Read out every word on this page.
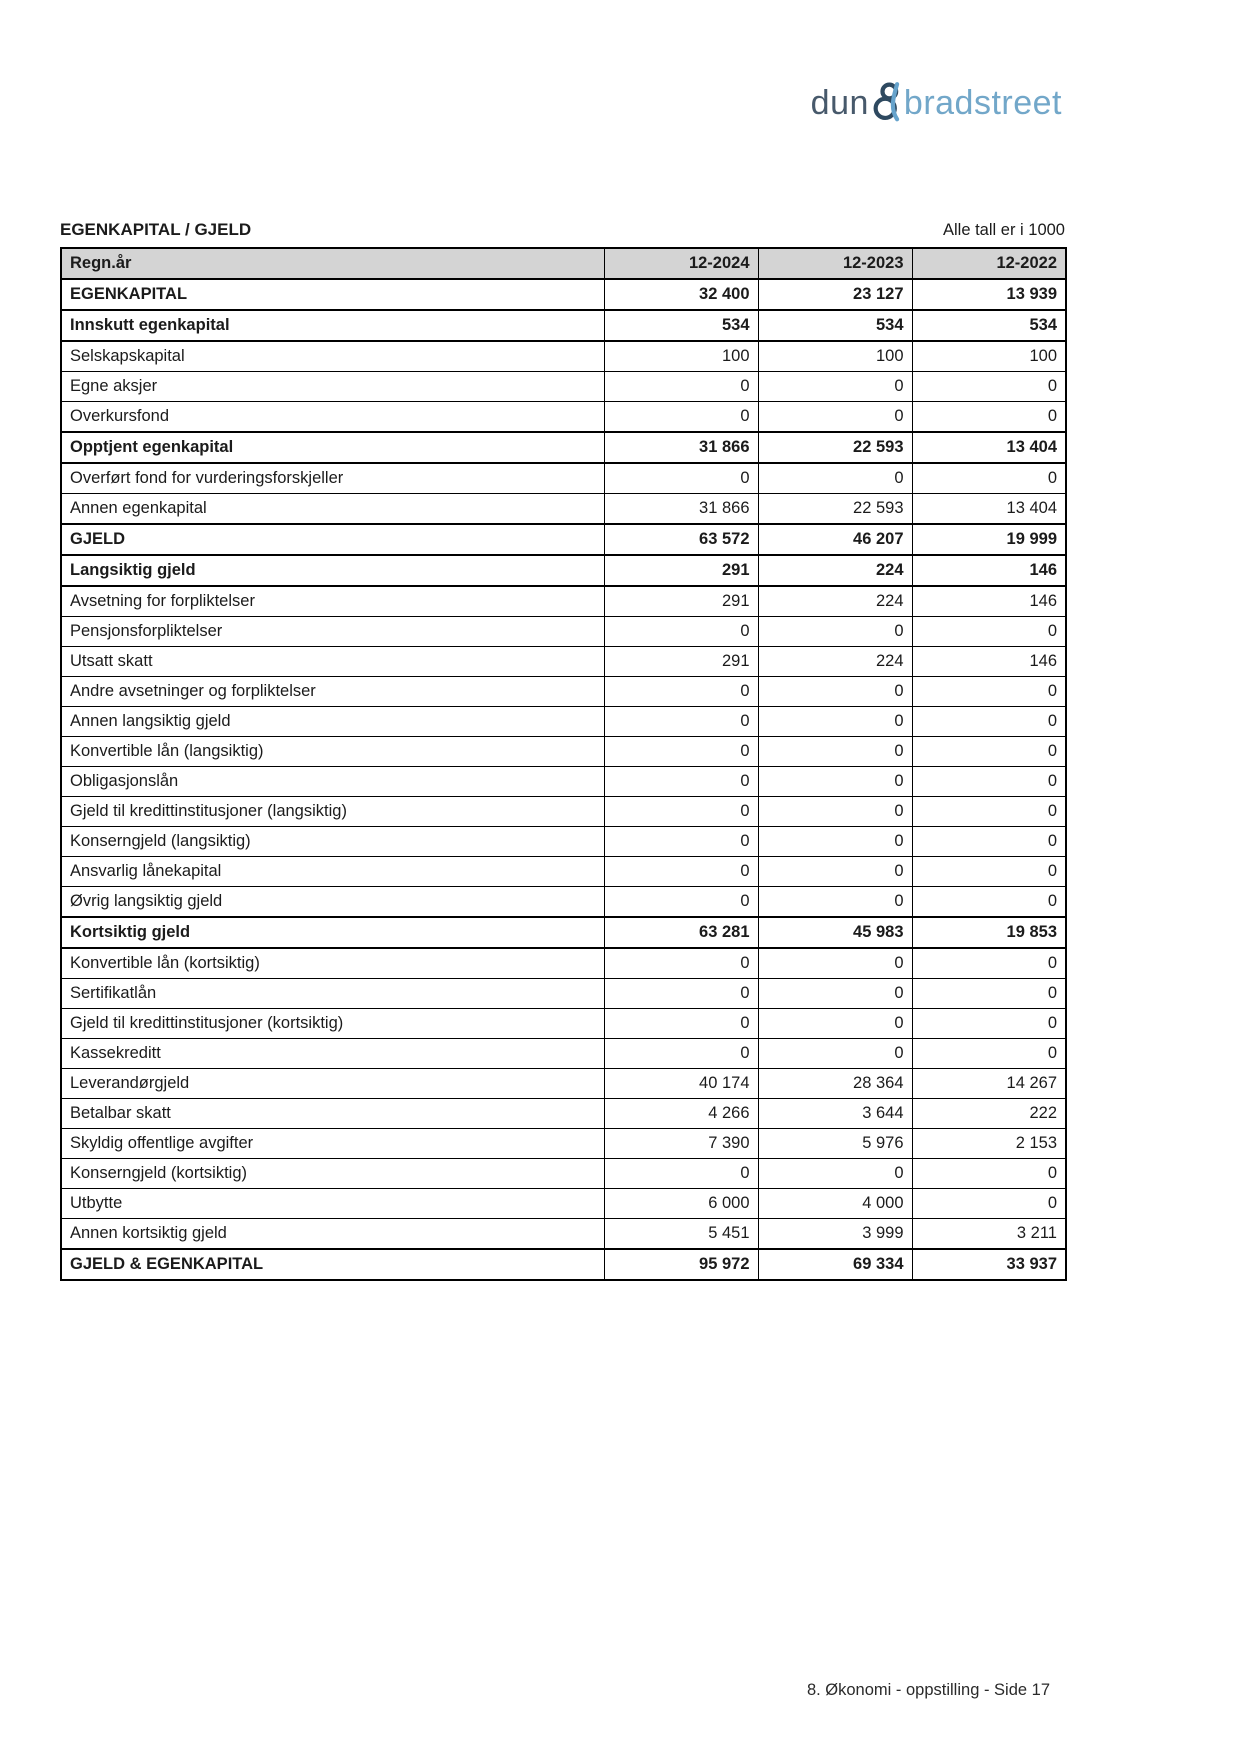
dun bradstreet
EGENKAPITAL / GJELD	Alle tall er i 1000
Regn.år	12-2024	12-2023	12-2022
EGENKAPITAL	32 400	23 127	13 939
Innskutt egenkapital	534	534	534
Selskapskapital	100	100	100
Egne aksjer	0	0	0
Overkursfond	0	0	0
Opptjent egenkapital	31 866	22 593	13 404
Overført fond for vurderingsforskjeller	0	0	0
Annen egenkapital	31 866	22 593	13 404
GJELD	63 572	46 207	19 999
Langsiktig gjeld	291	224	146
Avsetning for forpliktelser	291	224	146
Pensjonsforpliktelser	0	0	0
Utsatt skatt	291	224	146
Andre avsetninger og forpliktelser	0	0	0
Annen langsiktig gjeld	0	0	0
Konvertible lån (langsiktig)	0	0	0
Obligasjonslån	0	0	0
Gjeld til kredittinstitusjoner (langsiktig)	0	0	0
Konserngjeld (langsiktig)	0	0	0
Ansvarlig lånekapital	0	0	0
Øvrig langsiktig gjeld	0	0	0
Kortsiktig gjeld	63 281	45 983	19 853
Konvertible lån (kortsiktig)	0	0	0
Sertifikatlån	0	0	0
Gjeld til kredittinstitusjoner (kortsiktig)	0	0	0
Kassekreditt	0	0	0
Leverandørgjeld	40 174	28 364	14 267
Betalbar skatt	4 266	3 644	222
Skyldig offentlige avgifter	7 390	5 976	2 153
Konserngjeld (kortsiktig)	0	0	0
Utbytte	6 000	4 000	0
Annen kortsiktig gjeld	5 451	3 999	3 211
GJELD & EGENKAPITAL	95 972	69 334	33 937
8. Økonomi - oppstilling - Side 17
